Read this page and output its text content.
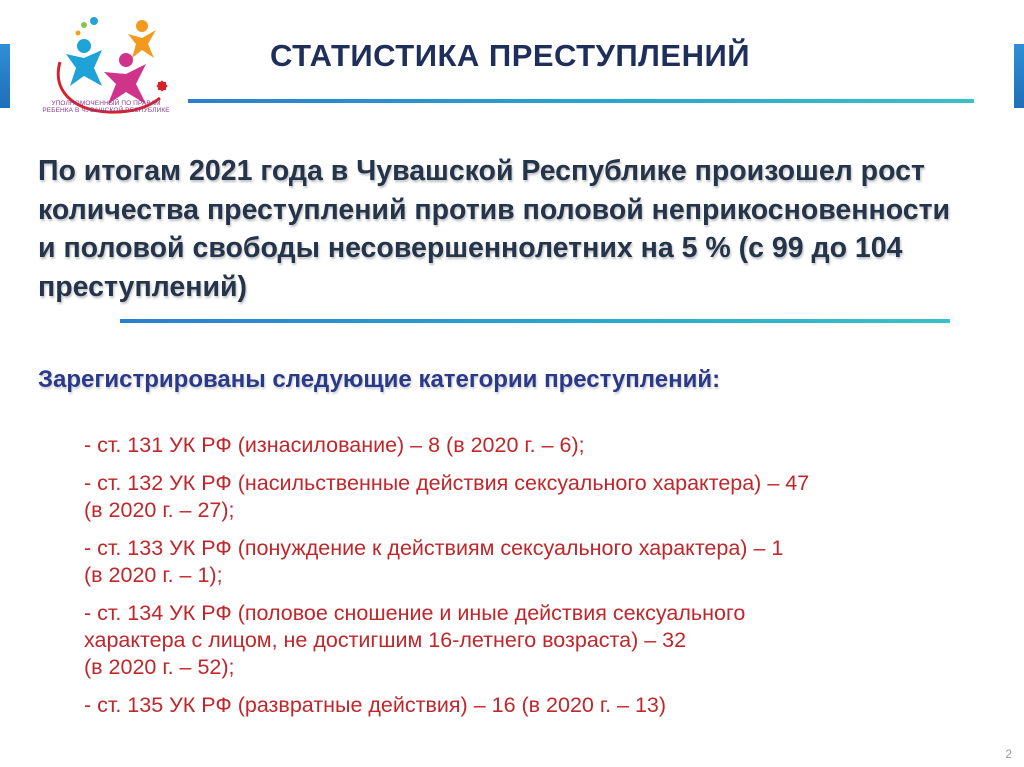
УПОЛНОМОЧЕННЫЙ ПО ПРАВАМ РЕБЕНКА В ЧУВАШСКОЙ РЕСПУБЛИКЕ
СТАТИСТИКА ПРЕСТУПЛЕНИЙ
По итогам 2021 года в Чувашской Республике произошел рост количества преступлений против половой неприкосновенности и половой свободы несовершеннолетних на 5 % (с 99 до 104 преступлений)
Зарегистрированы следующие категории преступлений:
- ст. 131 УК РФ (изнасилование) – 8 (в 2020 г. – 6);
- ст. 132 УК РФ (насильственные действия сексуального характера) – 47
(в 2020 г. – 27);
- ст. 133 УК РФ (понуждение к действиям сексуального характера) – 1
(в 2020 г. – 1);
- ст. 134 УК РФ (половое сношение и иные действия сексуального
характера с лицом, не достигшим 16-летнего возраста) – 32
(в 2020 г. – 52);
- ст. 135 УК РФ (развратные действия) – 16 (в 2020 г. – 13)
2
